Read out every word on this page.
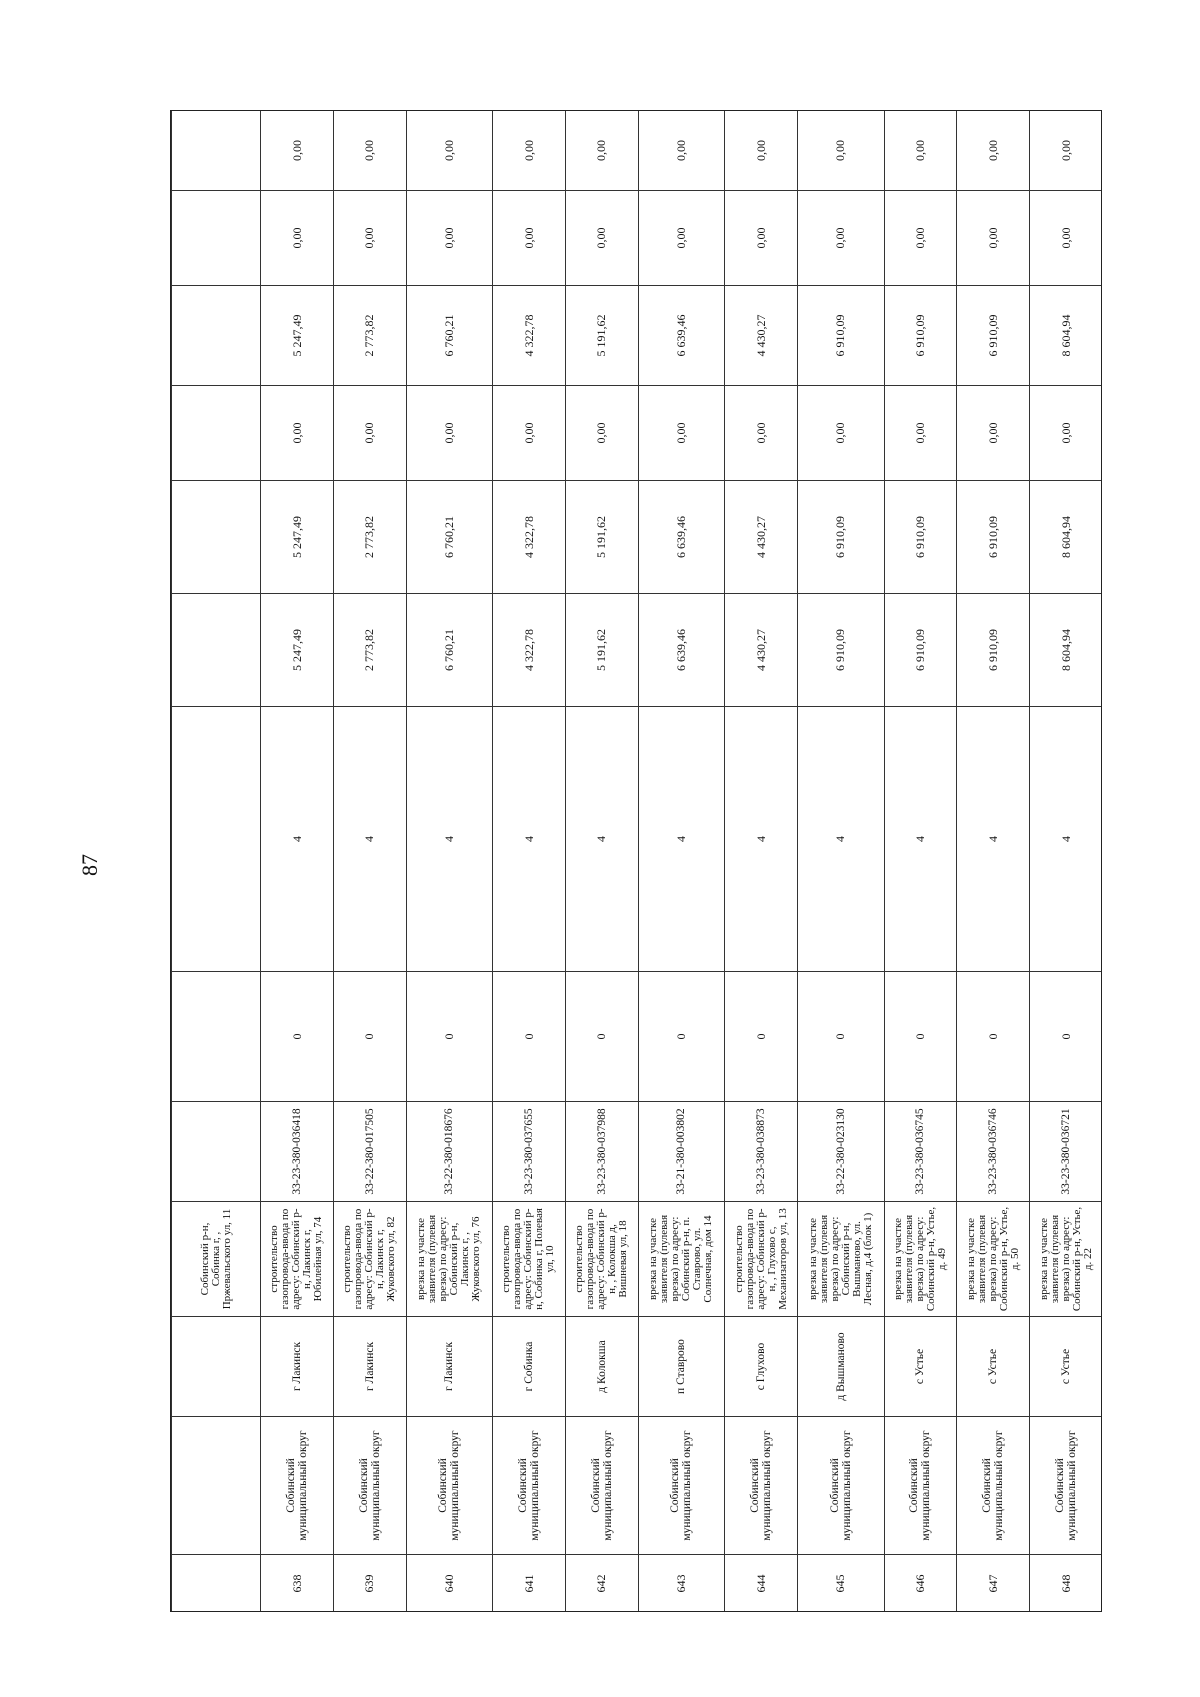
87
			Собинский р-н, Собинка г, , Пржевальского ул, 11									
638	Собинский муниципальный округ	г Лакинск	строительство газопровода-ввода по адресу: Собинский р-н, Лакинск г, Юбилейная ул, 74	33-23-380-036418	0	4	5 247,49	5 247,49	0,00	5 247,49	0,00	0,00
639	Собинский муниципальный округ	г Лакинск	строительство газопровода-ввода по адресу: Собинский р-н, Лакинск г, Жуковского ул, 82	33-22-380-017505	0	4	2 773,82	2 773,82	0,00	2 773,82	0,00	0,00
640	Собинский муниципальный округ	г Лакинск	врезка на участке заявителя (пулевая врезка) по адресу: Собинский р-н, Лакинск г, , Жуковского ул, 76	33-22-380-018676	0	4	6 760,21	6 760,21	0,00	6 760,21	0,00	0,00
641	Собинский муниципальный округ	г Собинка	строительство газопровода-ввода по адресу: Собинский р-н, Собинка г, Полевая ул, 10	33-23-380-037655	0	4	4 322,78	4 322,78	0,00	4 322,78	0,00	0,00
642	Собинский муниципальный округ	д Колокша	строительство газопровода-ввода по адресу: Собинский р-н, , Колокша д, Вишневая ул, 18	33-23-380-037988	0	4	5 191,62	5 191,62	0,00	5 191,62	0,00	0,00
643	Собинский муниципальный округ	п Ставрово	врезка на участке заявителя (пулевая врезка) по адресу: Собинский р-н, п. Ставрово, ул. Солнечная, дом 14	33-21-380-003802	0	4	6 639,46	6 639,46	0,00	6 639,46	0,00	0,00
644	Собинский муниципальный округ	с Глухово	строительство газопровода-ввода по адресу: Собинский р-н, , Глухово с, Механизаторов ул, 13	33-23-380-038873	0	4	4 430,27	4 430,27	0,00	4 430,27	0,00	0,00
645	Собинский муниципальный округ	д Вышманово	врезка на участке заявителя (пулевая врезка) по адресу: Собинский р-н, Вышманово, ул. Лесная, д.4 (блок 1)	33-22-380-023130	0	4	6 910,09	6 910,09	0,00	6 910,09	0,00	0,00
646	Собинский муниципальный округ	с Устье	врезка на участке заявителя (пулевая врезка) по адресу: Собинский р-н, Устье, д. 49	33-23-380-036745	0	4	6 910,09	6 910,09	0,00	6 910,09	0,00	0,00
647	Собинский муниципальный округ	с Устье	врезка на участке заявителя (пулевая врезка) по адресу: Собинский р-н, Устье, д. 50	33-23-380-036746	0	4	6 910,09	6 910,09	0,00	6 910,09	0,00	0,00
648	Собинский муниципальный округ	с Устье	врезка на участке заявителя (пулевая врезка) по адресу: Собинский р-н, Устье, д. 22	33-23-380-036721	0	4	8 604,94	8 604,94	0,00	8 604,94	0,00	0,00
